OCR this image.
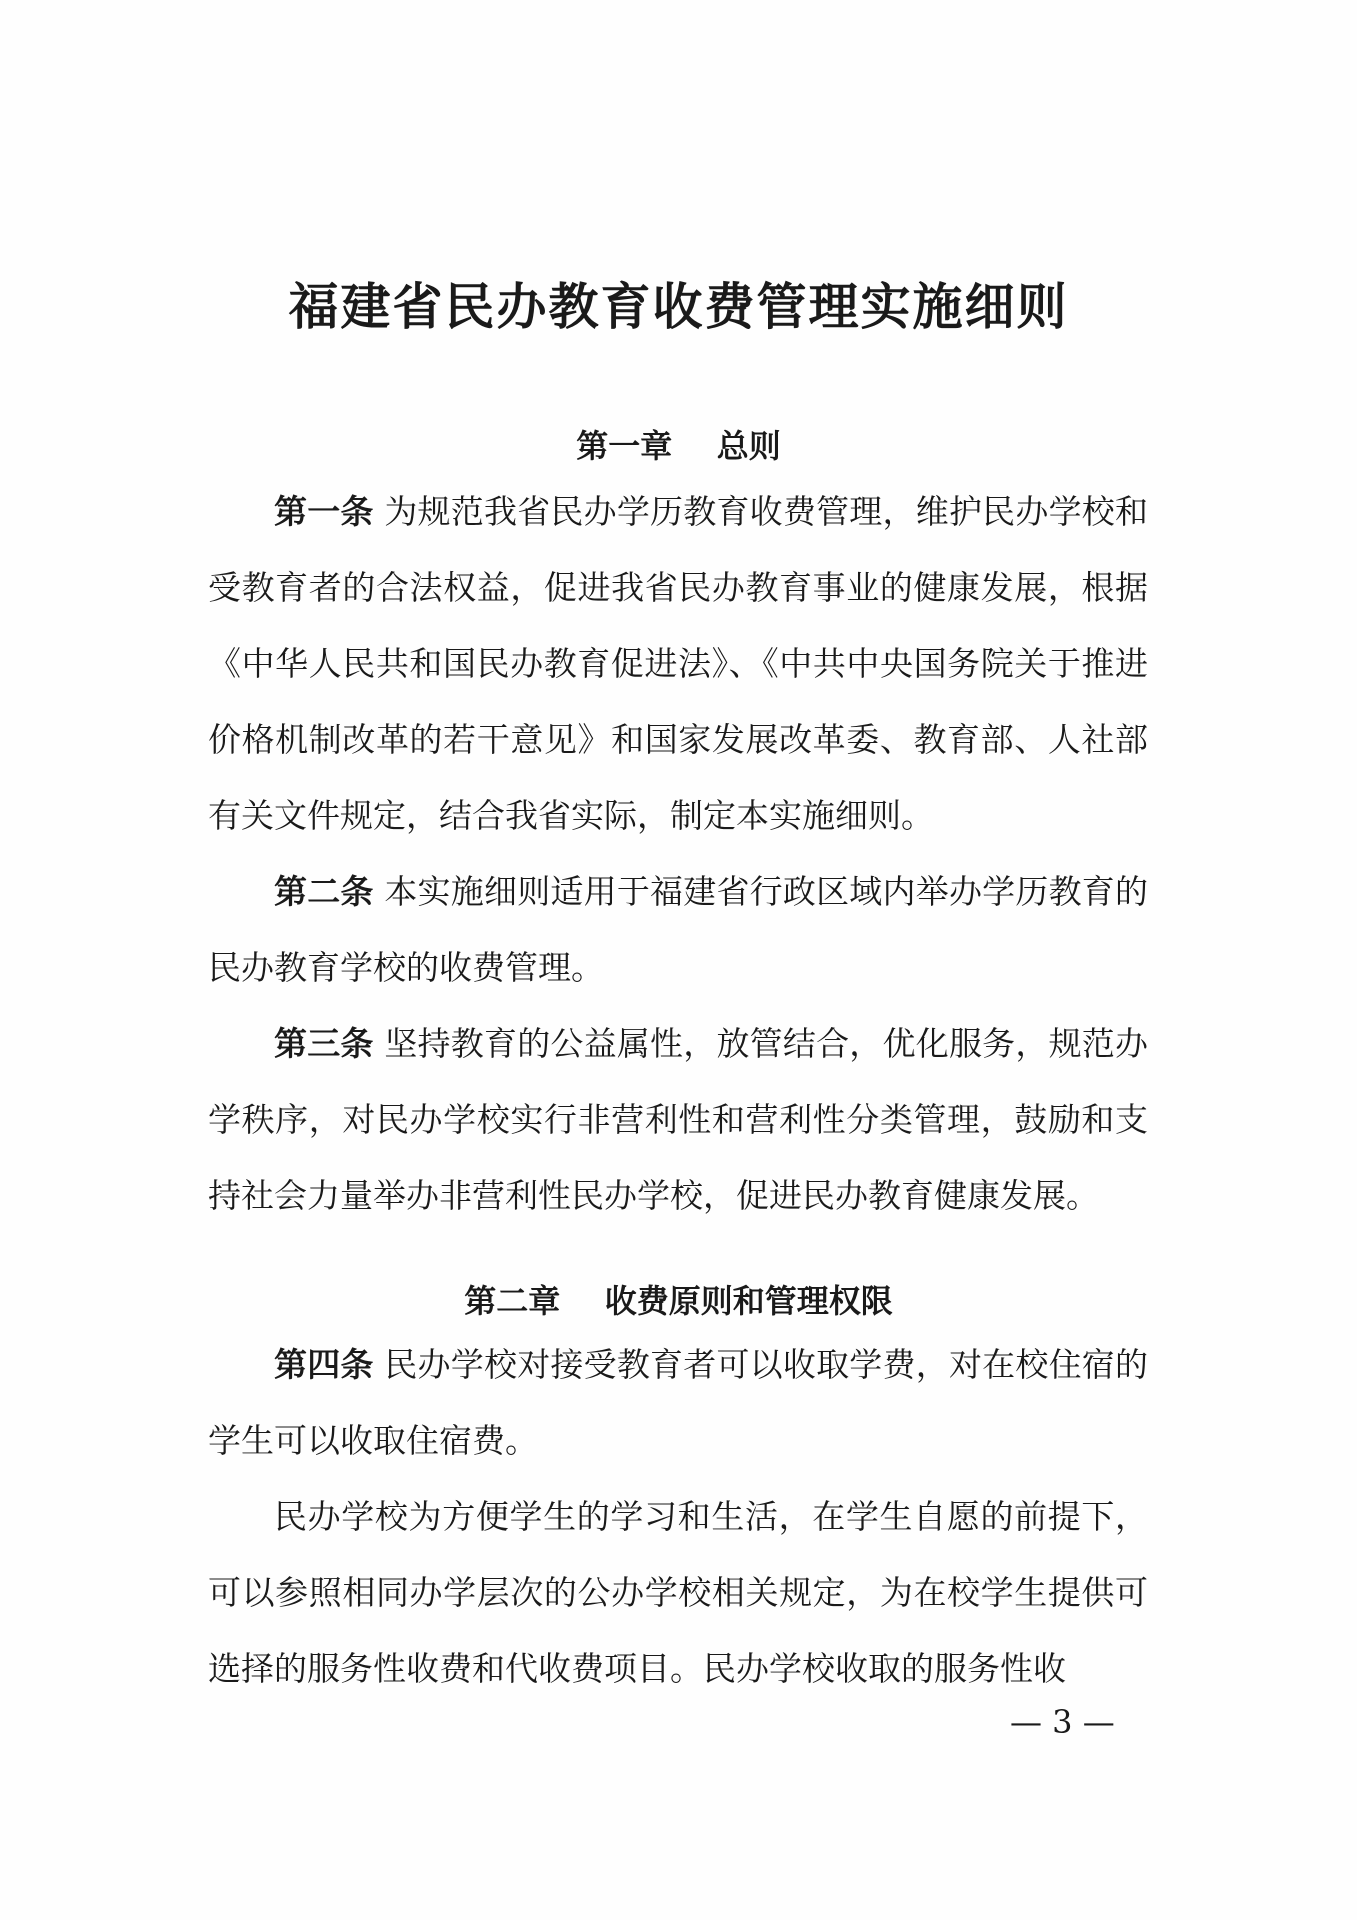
福建省民办教育收费管理实施细则
第一章    总则

第一条 为规范我省民办学历教育收费管理，维护民办学校和受教育者的合法权益，促进我省民办教育事业的健康发展，根据《中华人民共和国民办教育促进法》、《中共中央国务院关于推进价格机制改革的若干意见》和国家发展改革委、教育部、人社部有关文件规定，结合我省实际，制定本实施细则。

第二条 本实施细则适用于福建省行政区域内举办学历教育的民办教育学校的收费管理。

第三条 坚持教育的公益属性，放管结合，优化服务，规范办学秩序，对民办学校实行非营利性和营利性分类管理，鼓励和支持社会力量举办非营利性民办学校，促进民办教育健康发展。

第二章    收费原则和管理权限

第四条 民办学校对接受教育者可以收取学费，对在校住宿的学生可以收取住宿费。

民办学校为方便学生的学习和生活，在学生自愿的前提下，可以参照相同办学层次的公办学校相关规定，为在校学生提供可选择的服务性收费和代收费项目。民办学校收取的服务性收

— 3 —
